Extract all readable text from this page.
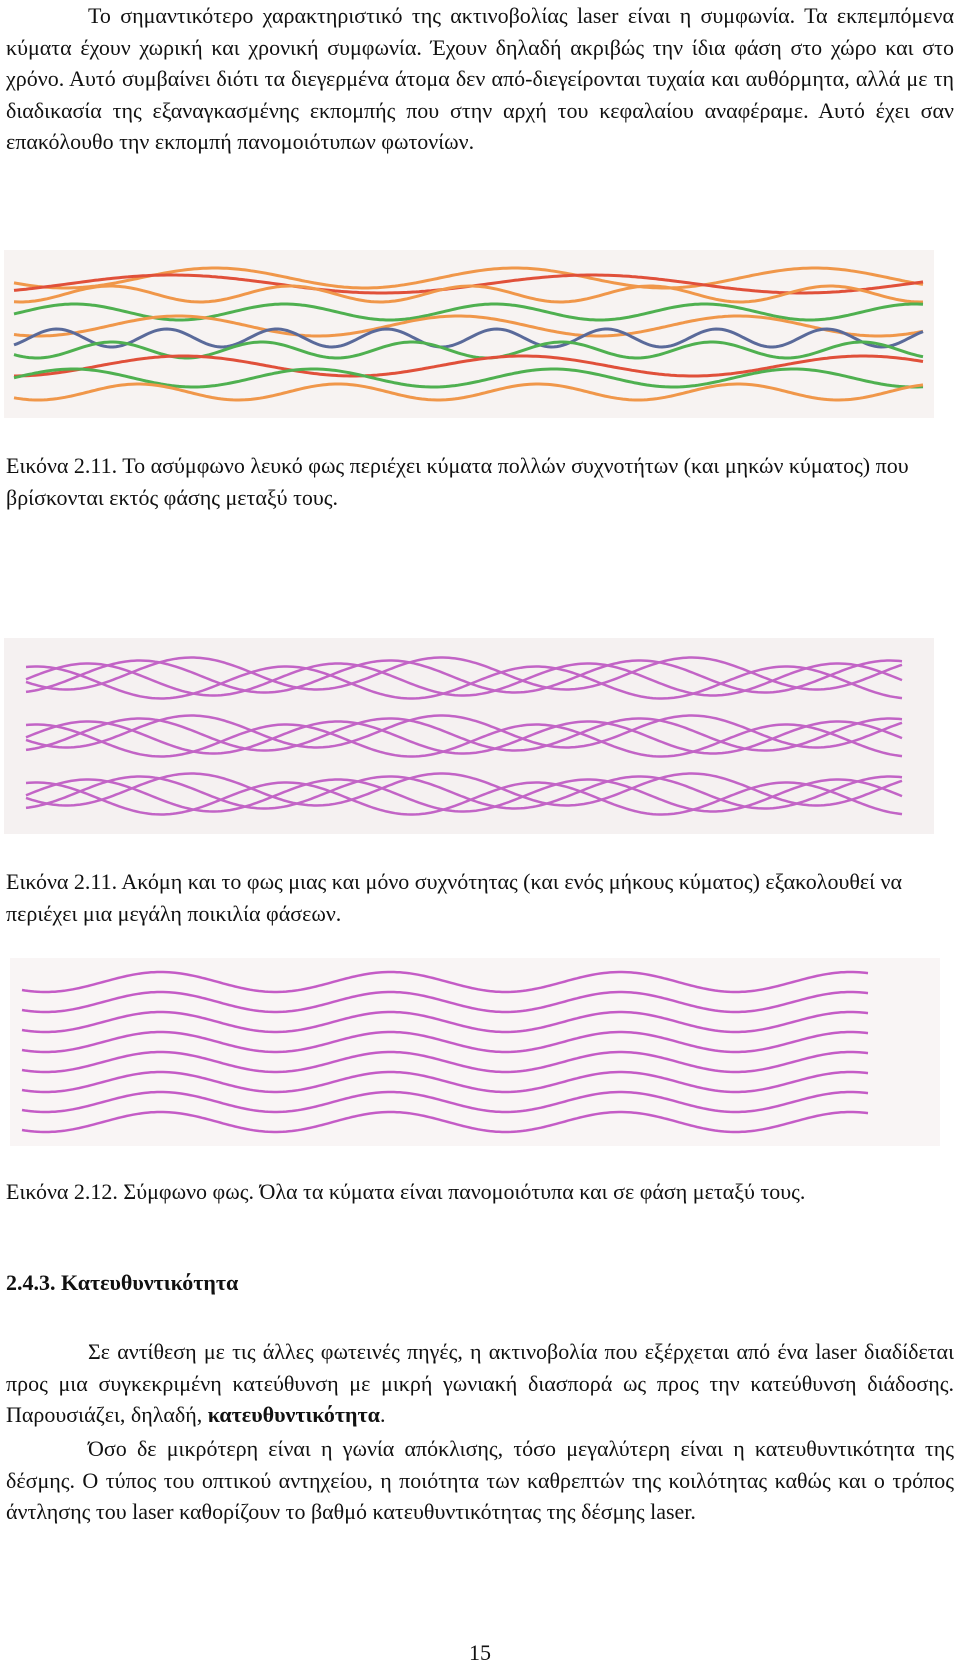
Το σημαντικότερο χαρακτηριστικό της ακτινοβολίας laser είναι η συμφωνία. Τα εκπεμπόμενα κύματα έχουν χωρική και χρονική συμφωνία. Έχουν δηλαδή ακριβώς την ίδια φάση στο χώρο και στο χρόνο. Αυτό συμβαίνει διότι τα διεγερμένα άτομα δεν από-διεγείρονται τυχαία και αυθόρμητα, αλλά με τη διαδικασία της εξαναγκασμένης εκπομπής που στην αρχή του κεφαλαίου αναφέραμε. Αυτό έχει σαν επακόλουθο την εκπομπή πανομοιότυπων φωτονίων.

Εικόνα 2.11. Το ασύμφωνο λευκό φως περιέχει κύματα πολλών συχνοτήτων (και μηκών κύματος) που βρίσκονται εκτός φάσης μεταξύ τους.

Εικόνα 2.11. Ακόμη και το φως μιας και μόνο συχνότητας (και ενός μήκους κύματος) εξακολουθεί να περιέχει μια μεγάλη ποικιλία φάσεων.

Εικόνα 2.12. Σύμφωνο φως. Όλα τα κύματα είναι πανομοιότυπα και σε φάση μεταξύ τους.

2.4.3. Κατευθυντικότητα

Σε αντίθεση με τις άλλες φωτεινές πηγές, η ακτινοβολία που εξέρχεται από ένα laser διαδίδεται προς μια συγκεκριμένη κατεύθυνση με μικρή γωνιακή διασπορά ως προς την κατεύθυνση διάδοσης. Παρουσιάζει, δηλαδή, κατευθυντικότητα.

Όσο δε μικρότερη είναι η γωνία απόκλισης, τόσο μεγαλύτερη είναι η κατευθυντικότητα της δέσμης. Ο τύπος του οπτικού αντηχείου, η ποιότητα των καθρεπτών της κοιλότητας καθώς και ο τρόπος άντλησης του laser καθορίζουν το βαθμό κατευθυντικότητας της δέσμης laser.

15
